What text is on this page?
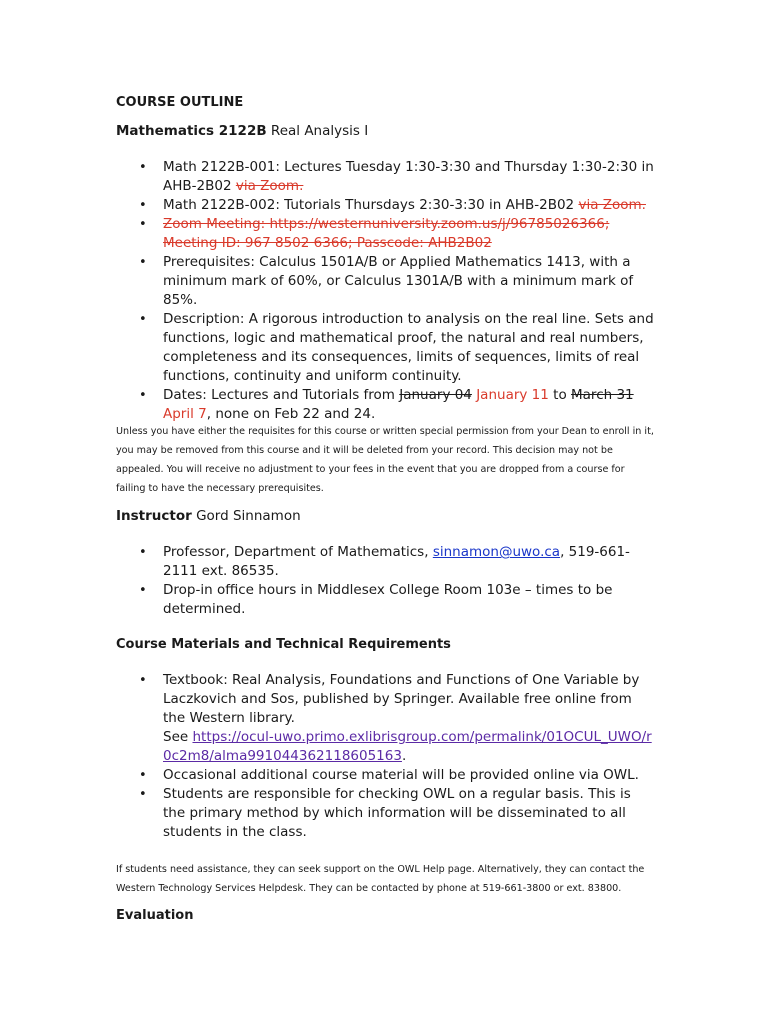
COURSE OUTLINE
Mathematics 2122B Real Analysis I
• Math 2122B-001: Lectures Tuesday 1:30-3:30 and Thursday 1:30-2:30 in AHB-2B02 via Zoom.
• Math 2122B-002: Tutorials Thursdays 2:30-3:30 in AHB-2B02 via Zoom.
• Zoom Meeting: https://westernuniversity.zoom.us/j/96785026366; Meeting ID: 967 8502 6366; Passcode: AHB2B02
• Prerequisites: Calculus 1501A/B or Applied Mathematics 1413, with a minimum mark of 60%, or Calculus 1301A/B with a minimum mark of 85%.
• Description: A rigorous introduction to analysis on the real line. Sets and functions, logic and mathematical proof, the natural and real numbers, completeness and its consequences, limits of sequences, limits of real functions, continuity and uniform continuity.
• Dates: Lectures and Tutorials from January 04 January 11 to March 31 April 7, none on Feb 22 and 24.
Unless you have either the requisites for this course or written special permission from your Dean to enroll in it, you may be removed from this course and it will be deleted from your record. This decision may not be appealed. You will receive no adjustment to your fees in the event that you are dropped from a course for failing to have the necessary prerequisites.
Instructor Gord Sinnamon
• Professor, Department of Mathematics, sinnamon@uwo.ca, 519-661-2111 ext. 86535.
• Drop-in office hours in Middlesex College Room 103e – times to be determined.
Course Materials and Technical Requirements
• Textbook: Real Analysis, Foundations and Functions of One Variable by Laczkovich and Sos, published by Springer. Available free online from the Western library.
See https://ocul-uwo.primo.exlibrisgroup.com/permalink/01OCUL_UWO/r0c2m8/alma991044362118605163.
• Occasional additional course material will be provided online via OWL.
• Students are responsible for checking OWL on a regular basis. This is the primary method by which information will be disseminated to all students in the class.
If students need assistance, they can seek support on the OWL Help page. Alternatively, they can contact the Western Technology Services Helpdesk. They can be contacted by phone at 519-661-3800 or ext. 83800.
Evaluation
